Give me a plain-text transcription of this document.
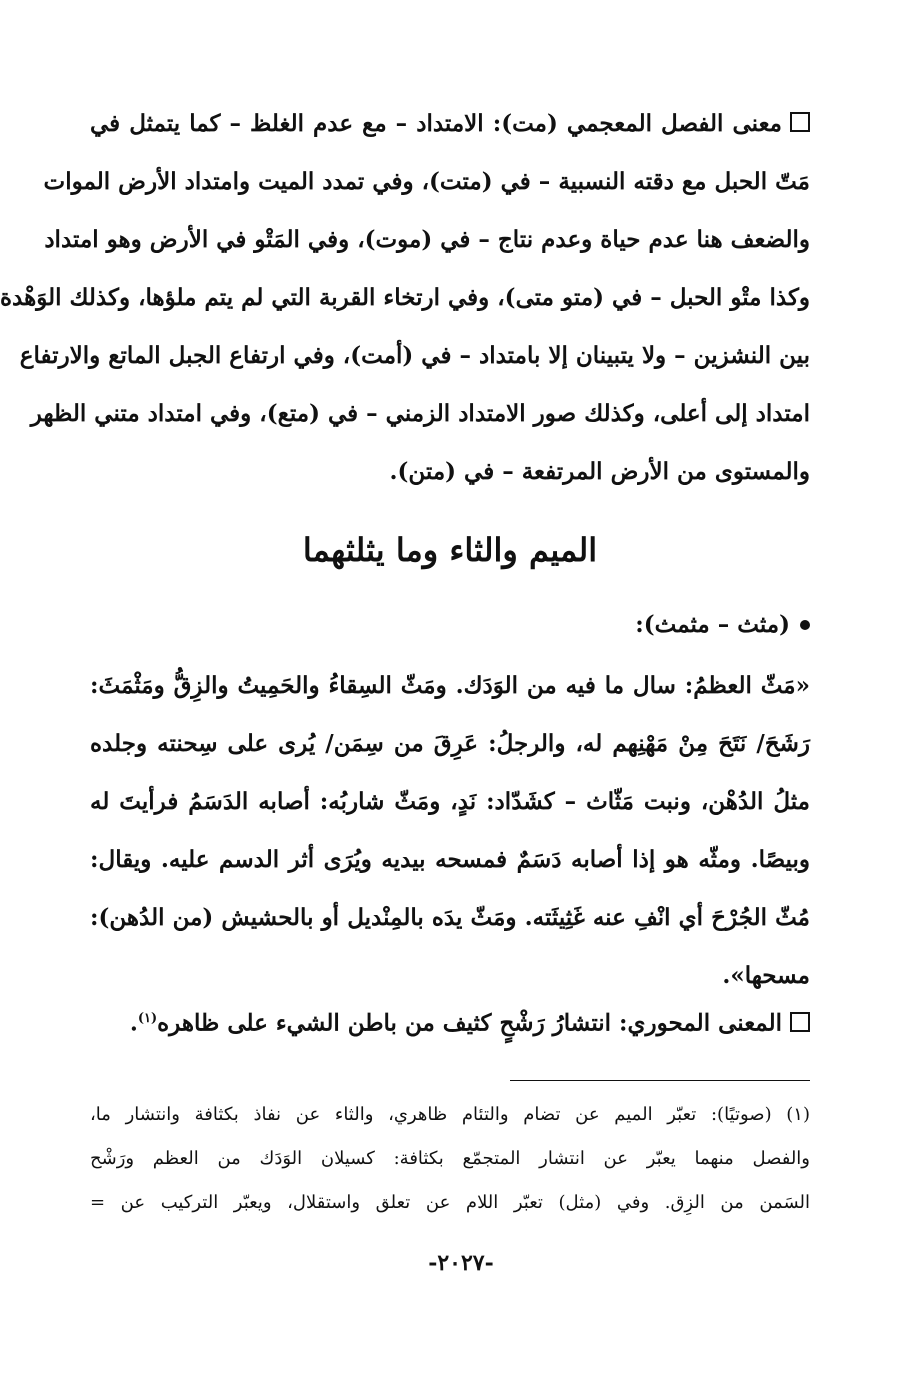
معنى الفصل المعجمي (مت): الامتداد – مع عدم الغلظ – كما يتمثل في
مَتّ الحبل مع دقته النسبية – في (متت)، وفي تمدد الميت وامتداد الأرض الموات
والضعف هنا عدم حياة وعدم نتاج – في (موت)، وفي المَتْو في الأرض وهو امتداد
وكذا متْو الحبل – في (متو متى)، وفي ارتخاء القربة التي لم يتم ملؤها، وكذلك الوَهْدة
بين النشزين – ولا يتبينان إلا بامتداد – في (أمت)، وفي ارتفاع الجبل الماتع والارتفاع
امتداد إلى أعلى، وكذلك صور الامتداد الزمني – في (متع)، وفي امتداد متني الظهر
والمستوى من الأرض المرتفعة – في (متن).
الميم والثاء وما يثلثهما
(مثث – مثمث):
«مَثّ العظمُ: سال ما فيه من الوَدَك. ومَثّ السِقاءُ والحَمِيتُ والزِقُّ ومَثْمَثَ:
رَشَحَ/ نَتَحَ مِنْ مَهْنِهم له، والرجلُ: عَرِقَ من سِمَن/ يُرى على سِحنته وجلده
مثلُ الدُهْن، ونبت مَثّاث – كشَدّاد: نَدٍ، ومَثّ شاربُه: أصابه الدَسَمُ فرأيتَ له
وبيصًا. ومثّه هو إذا أصابه دَسَمٌ فمسحه بيديه ويُرَى أثر الدسم عليه. ويقال:
مُثّ الجُرْحَ أي انْفِ عنه غَثِيثَته. ومَثّ يدَه بالمِنْديل أو بالحشيش (من الدُهن):
مسحها».
المعنى المحوري: انتشارُ رَشْحٍ كثيف من باطن الشيء على ظاهره$^{(١)}$.
(١) (صوتيًا): تعبّر الميم عن تضام والتئام ظاهري، والثاء عن نفاذ بكثافة وانتشار ما،
والفصل منهما يعبّر عن انتشار المتجمّع بكثافة: كسيلان الوَدَك من العظم ورَشْح
السَمن من الزِق. وفي (مثل) تعبّر اللام عن تعلق واستقلال، ويعبّر التركيب عن =
-٢٠٢٧-
